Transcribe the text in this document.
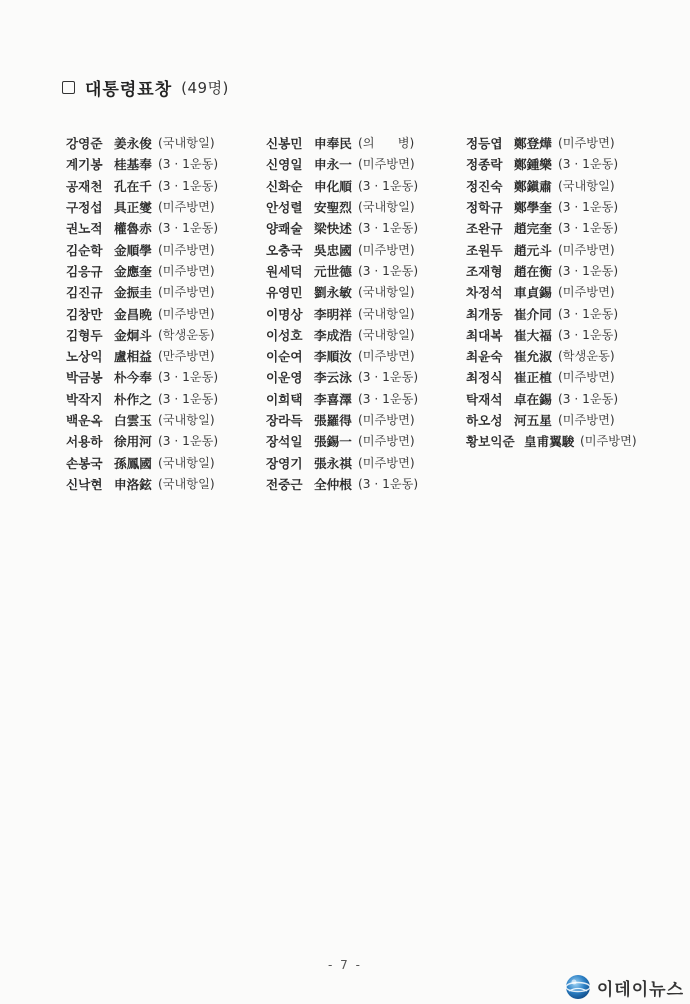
대통령표창 (49명)
강영준 姜永俊 (국내항일)
계기봉 桂基奉 (3 · 1운동)
공재천 孔在千 (3 · 1운동)
구정섭 具正燮 (미주방면)
권노적 權魯赤 (3 · 1운동)
김순학 金順學 (미주방면)
김응규 金應奎 (미주방면)
김진규 金振圭 (미주방면)
김창만 金昌晩 (미주방면)
김형두 金炯斗 (학생운동)
노상익 盧相益 (만주방면)
박금봉 朴今奉 (3 · 1운동)
박작지 朴作之 (3 · 1운동)
백운옥 白雲玉 (국내항일)
서용하 徐用河 (3 · 1운동)
손봉국 孫鳳國 (국내항일)
신낙현 申洛鉉 (국내항일)
신봉민 申奉民 (의      병)
신영일 申永一 (미주방면)
신화순 申化順 (3 · 1운동)
안성렬 安聖烈 (국내항일)
양쾌술 梁快述 (3 · 1운동)
오충국 吳忠國 (미주방면)
원세덕 元世德 (3 · 1운동)
유영민 劉永敏 (국내항일)
이명상 李明祥 (국내항일)
이성호 李成浩 (국내항일)
이순여 李順汝 (미주방면)
이운영 李云泳 (3 · 1운동)
이희택 李喜澤 (3 · 1운동)
장라득 張羅得 (미주방면)
장석일 張錫一 (미주방면)
장영기 張永祺 (미주방면)
전중근 全仲根 (3 · 1운동)
정등엽 鄭登燁 (미주방면)
정종락 鄭鍾樂 (3 · 1운동)
정진숙 鄭鎭肅 (국내항일)
정학규 鄭學奎 (3 · 1운동)
조완규 趙完奎 (3 · 1운동)
조원두 趙元斗 (미주방면)
조재형 趙在衡 (3 · 1운동)
차정석 車貞錫 (미주방면)
최개동 崔介同 (3 · 1운동)
최대복 崔大福 (3 · 1운동)
최윤숙 崔允淑 (학생운동)
최정식 崔正植 (미주방면)
탁재석 卓在錫 (3 · 1운동)
하오성 河五星 (미주방면)
황보익준 皇甫翼駿 (미주방면)
- 7 -
이데이뉴스
